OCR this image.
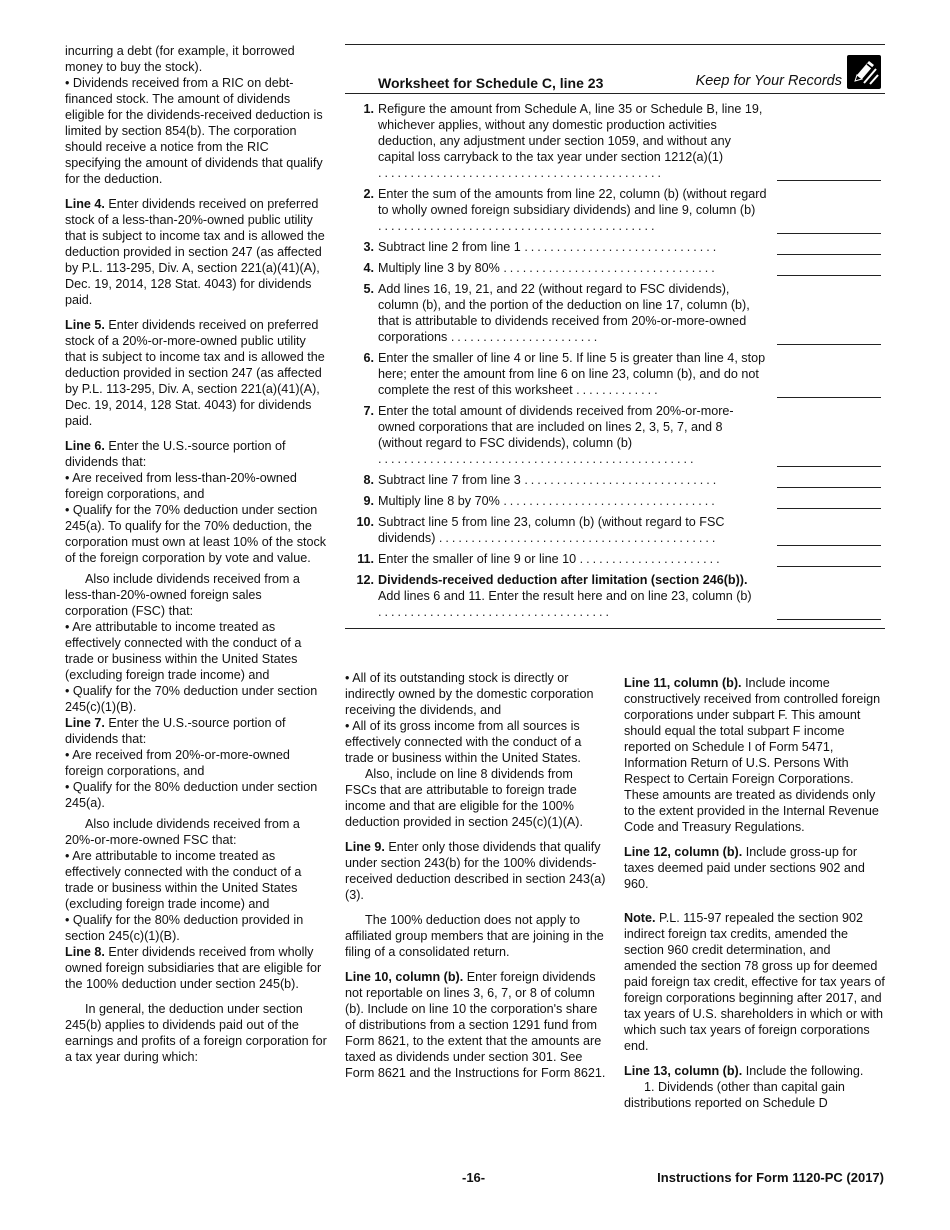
incurring a debt (for example, it borrowed money to buy the stock).

• Dividends received from a RIC on debt-financed stock. The amount of dividends eligible for the dividends-received deduction is limited by section 854(b). The corporation should receive a notice from the RIC specifying the amount of dividends that qualify for the deduction.

Line 4. Enter dividends received on preferred stock of a less-than-20%-owned public utility that is subject to income tax and is allowed the deduction provided in section 247 (as affected by P.L. 113-295, Div. A, section 221(a)(41)(A), Dec. 19, 2014, 128 Stat. 4043) for dividends paid.

Line 5. Enter dividends received on preferred stock of a 20%-or-more-owned public utility that is subject to income tax and is allowed the deduction provided in section 247 (as affected by P.L. 113-295, Div. A, section 221(a)(41)(A), Dec. 19, 2014, 128 Stat. 4043) for dividends paid.

Line 6. Enter the U.S.-source portion of dividends that:

• Are received from less-than-20%-owned foreign corporations, and

• Qualify for the 70% deduction under section 245(a). To qualify for the 70% deduction, the corporation must own at least 10% of the stock of the foreign corporation by vote and value.

Also include dividends received from a less-than-20%-owned foreign sales corporation (FSC) that:

• Are attributable to income treated as effectively connected with the conduct of a trade or business within the United States (excluding foreign trade income) and

• Qualify for the 70% deduction under section 245(c)(1)(B).

Line 7. Enter the U.S.-source portion of dividends that:

• Are received from 20%-or-more-owned foreign corporations, and

• Qualify for the 80% deduction under section 245(a).

Also include dividends received from a 20%-or-more-owned FSC that:

• Are attributable to income treated as effectively connected with the conduct of a trade or business within the United States (excluding foreign trade income) and

• Qualify for the 80% deduction provided in section 245(c)(1)(B).

Line 8. Enter dividends received from wholly owned foreign subsidiaries that are eligible for the 100% deduction under section 245(b).

In general, the deduction under section 245(b) applies to dividends paid out of the earnings and profits of a foreign corporation for a tax year during which:

Worksheet for Schedule C, line 23	Keep for Your Records
1. Refigure the amount from Schedule A, line 35 or Schedule B, line 19, whichever applies, without any domestic production activities deduction, any adjustment under section 1059, and without any capital loss carryback to the tax year under section 1212(a)(1) ............................................
2. Enter the sum of the amounts from line 22, column (b) (without regard to wholly owned foreign subsidiary dividends) and line 9, column (b) ...........................................
3. Subtract line 2 from line 1 ..............................
4. Multiply line 3 by 80% .................................
5. Add lines 16, 19, 21, and 22 (without regard to FSC dividends), column (b), and the portion of the deduction on line 17, column (b), that is attributable to dividends received from 20%-or-more-owned corporations .......................
6. Enter the smaller of line 4 or line 5. If line 5 is greater than line 4, stop here; enter the amount from line 6 on line 23, column (b), and do not complete the rest of this worksheet .............
7. Enter the total amount of dividends received from 20%-or-more-owned corporations that are included on lines 2, 3, 5, 7, and 8 (without regard to FSC dividends), column (b) .................................................
8. Subtract line 7 from line 3 ..............................
9. Multiply line 8 by 70% .................................
10. Subtract line 5 from line 23, column (b) (without regard to FSC dividends) ...........................................
11. Enter the smaller of line 9 or line 10 ......................
12. Dividends-received deduction after limitation (section 246(b)). Add lines 6 and 11. Enter the result here and on line 23, column (b) ....................................

• All of its outstanding stock is directly or indirectly owned by the domestic corporation receiving the dividends, and

• All of its gross income from all sources is effectively connected with the conduct of a trade or business within the United States.

Also, include on line 8 dividends from FSCs that are attributable to foreign trade income and that are eligible for the 100% deduction provided in section 245(c)(1)(A).

Line 9. Enter only those dividends that qualify under section 243(b) for the 100% dividends-received deduction described in section 243(a)(3).

The 100% deduction does not apply to affiliated group members that are joining in the filing of a consolidated return.

Line 10, column (b). Enter foreign dividends not reportable on lines 3, 6, 7, or 8 of column (b). Include on line 10 the corporation's share of distributions from a section 1291 fund from Form 8621, to the extent that the amounts are taxed as dividends under section 301. See Form 8621 and the Instructions for Form 8621.

Line 11, column (b). Include income constructively received from controlled foreign corporations under subpart F. This amount should equal the total subpart F income reported on Schedule I of Form 5471, Information Return of U.S. Persons With Respect to Certain Foreign Corporations. These amounts are treated as dividends only to the extent provided in the Internal Revenue Code and Treasury Regulations.

Line 12, column (b). Include gross-up for taxes deemed paid under sections 902 and 960.

Note. P.L. 115-97 repealed the section 902 indirect foreign tax credits, amended the section 960 credit determination, and amended the section 78 gross up for deemed paid foreign tax credit, effective for tax years of foreign corporations beginning after 2017, and tax years of U.S. shareholders in which or with which such tax years of foreign corporations end.

Line 13, column (b). Include the following.

1. Dividends (other than capital gain distributions reported on Schedule D

-16-	Instructions for Form 1120-PC (2017)
